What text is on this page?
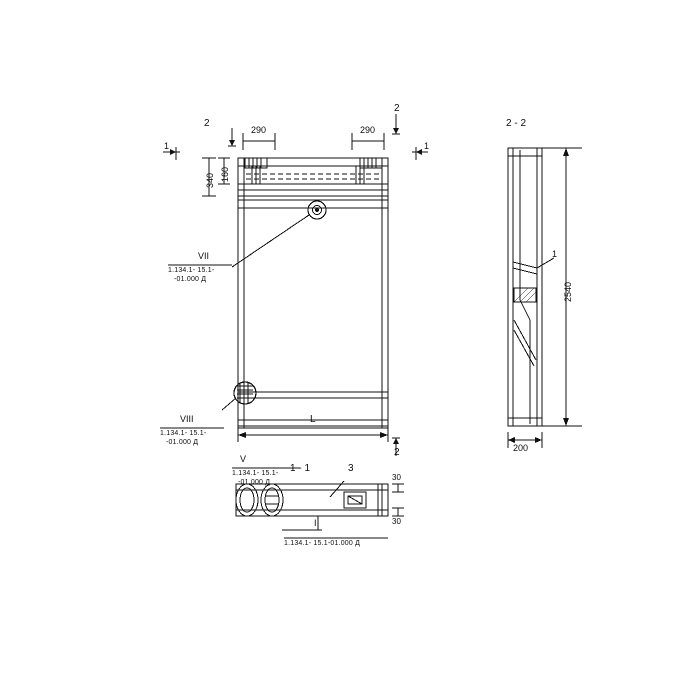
290	290
340 160
L
2
2
2
1	1
VII
VIII
V
1.134.1- 15.1-
-01.000 Д
1.134.1- 15.1-
-01.000 Д
1.134.1- 15.1-
-01.000 Д
2 - 2
1
2540
200
1 - 1	3
I
30
30
1.134.1- 15.1-01.000 Д
